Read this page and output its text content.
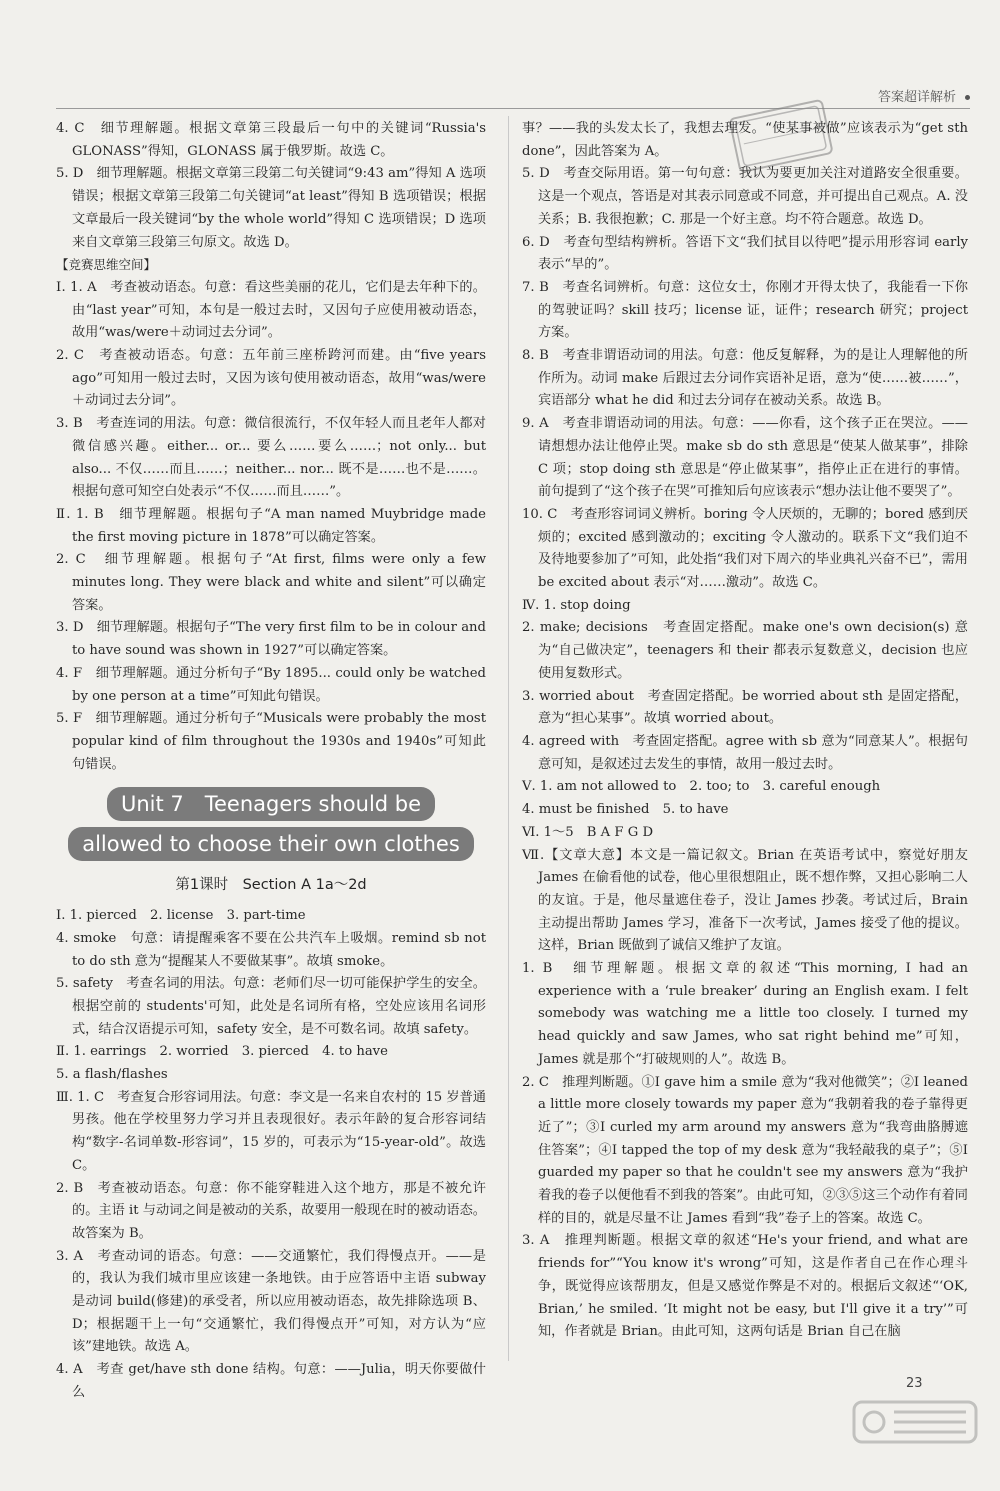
答案超详解析

4. C　细节理解题。根据文章第三段最后一句中的关键词“Russia's GLONASS”得知，GLONASS 属于俄罗斯。故选 C。

5. D　细节理解题。根据文章第三段第二句关键词“9:43 am”得知 A 选项错误；根据文章第三段第二句关键词“at least”得知 B 选项错误；根据文章最后一段关键词“by the whole world”得知 C 选项错误；D 选项来自文章第三段第三句原文。故选 D。

【竞赛思维空间】

Ⅰ. 1. A　考查被动语态。句意：看这些美丽的花儿，它们是去年种下的。由“last year”可知，本句是一般过去时，又因句子应使用被动语态，故用“was/were＋动词过去分词”。

2. C　考查被动语态。句意：五年前三座桥跨河而建。由“five years ago”可知用一般过去时，又因为该句使用被动语态，故用“was/were＋动词过去分词”。

3. B　考查连词的用法。句意：微信很流行，不仅年轻人而且老年人都对微信感兴趣。either... or... 要么……要么……；not only... but also... 不仅……而且……；neither... nor... 既不是……也不是……。根据句意可知空白处表示“不仅……而且……”。

Ⅱ. 1. B　细节理解题。根据句子“A man named Muybridge made the first moving picture in 1878”可以确定答案。

2. C　细节理解题。根据句子“At first, films were only a few minutes long. They were black and white and silent”可以确定答案。

3. D　细节理解题。根据句子“The very first film to be in colour and to have sound was shown in 1927”可以确定答案。

4. F　细节理解题。通过分析句子“By 1895... could only be watched by one person at a time”可知此句错误。

5. F　细节理解题。通过分析句子“Musicals were probably the most popular kind of film throughout the 1930s and 1940s”可知此句错误。

Unit 7　Teenagers should be
allowed to choose their own clothes
第1课时　Section A 1a～2d

Ⅰ. 1. pierced　2. license　3. part-time

4. smoke　句意：请提醒乘客不要在公共汽车上吸烟。remind sb not to do sth 意为“提醒某人不要做某事”。故填 smoke。

5. safety　考查名词的用法。句意：老师们尽一切可能保护学生的安全。根据空前的 students'可知，此处是名词所有格，空处应该用名词形式，结合汉语提示可知，safety 安全，是不可数名词。故填 safety。

Ⅱ. 1. earrings　2. worried　3. pierced　4. to have

5. a flash/flashes

Ⅲ. 1. C　考查复合形容词用法。句意：李文是一名来自农村的 15 岁普通男孩。他在学校里努力学习并且表现很好。表示年龄的复合形容词结构“数字-名词单数-形容词”，15 岁的，可表示为“15-year-old”。故选 C。

2. B　考查被动语态。句意：你不能穿鞋进入这个地方，那是不被允许的。主语 it 与动词之间是被动的关系，故要用一般现在时的被动语态。故答案为 B。

3. A　考查动词的语态。句意：——交通繁忙，我们得慢点开。——是的，我认为我们城市里应该建一条地铁。由于应答语中主语 subway 是动词 build(修建)的承受者，所以应用被动语态，故先排除选项 B、D；根据题干上一句“交通繁忙，我们得慢点开”可知，对方认为“应该”建地铁。故选 A。

4. A　考查 get/have sth done 结构。句意：——Julia，明天你要做什么

事？——我的头发太长了，我想去理发。“使某事被做”应该表示为“get sth done”，因此答案为 A。

5. D　考查交际用语。第一句句意：我认为要更加关注对道路安全很重要。这是一个观点，答语是对其表示同意或不同意，并可提出自己观点。A. 没关系；B. 我很抱歉；C. 那是一个好主意。均不符合题意。故选 D。

6. D　考查句型结构辨析。答语下文“我们拭目以待吧”提示用形容词 early 表示“早的”。

7. B　考查名词辨析。句意：这位女士，你刚才开得太快了，我能看一下你的驾驶证吗？skill 技巧；license 证，证件；research 研究；project 方案。

8. B　考查非谓语动词的用法。句意：他反复解释，为的是让人理解他的所作所为。动词 make 后跟过去分词作宾语补足语，意为“使……被……”，宾语部分 what he did 和过去分词存在被动关系。故选 B。

9. A　考查非谓语动词的用法。句意：——你看，这个孩子正在哭泣。——请想想办法让他停止哭。make sb do sth 意思是“使某人做某事”，排除 C 项；stop doing sth 意思是“停止做某事”，指停止正在进行的事情。前句提到了“这个孩子在哭”可推知后句应该表示“想办法让他不要哭了”。

10. C　考查形容词词义辨析。boring 令人厌烦的，无聊的；bored 感到厌烦的；excited 感到激动的；exciting 令人激动的。联系下文“我们迫不及待地要参加了”可知，此处指“我们对下周六的毕业典礼兴奋不已”，需用 be excited about 表示“对……激动”。故选 C。

Ⅳ. 1. stop doing

2. make; decisions　考查固定搭配。make one's own decision(s) 意为“自己做决定”，teenagers 和 their 都表示复数意义，decision 也应使用复数形式。

3. worried about　考查固定搭配。be worried about sth 是固定搭配，意为“担心某事”。故填 worried about。

4. agreed with　考查固定搭配。agree with sb 意为“同意某人”。根据句意可知，是叙述过去发生的事情，故用一般过去时。

Ⅴ. 1. am not allowed to　2. too; to　3. careful enough

4. must be finished　5. to have

Ⅵ. 1～5　B A F G D

Ⅶ.【文章大意】本文是一篇记叙文。Brian 在英语考试中，察觉好朋友 James 在偷看他的试卷，他心里很想阻止，既不想作弊，又担心影响二人的友谊。于是，他尽量遮住卷子，没让 James 抄袭。考试过后，Brain 主动提出帮助 James 学习，准备下一次考试，James 接受了他的提议。这样，Brian 既做到了诚信又维护了友谊。

1. B　细节理解题。根据文章的叙述“This morning, I had an experience with a ‘rule breaker’ during an English exam. I felt somebody was watching me a little too closely. I turned my head quickly and saw James, who sat right behind me”可知，James 就是那个“打破规则的人”。故选 B。

2. C　推理判断题。①I gave him a smile 意为“我对他微笑”；②I leaned a little more closely towards my paper 意为“我朝着我的卷子靠得更近了”；③I curled my arm around my answers 意为“我弯曲胳膊遮住答案”；④I tapped the top of my desk 意为“我轻敲我的桌子”；⑤I guarded my paper so that he couldn't see my answers 意为“我护着我的卷子以便他看不到我的答案”。由此可知，②③⑤这三个动作有着同样的目的，就是尽量不让 James 看到“我”卷子上的答案。故选 C。

3. A　推理判断题。根据文章的叙述“He's your friend, and what are friends for”“You know it's wrong”可知，这是作者自己在作心理斗争，既觉得应该帮朋友，但是又感觉作弊是不对的。根据后文叙述“‘OK, Brian,’ he smiled. ‘It might not be easy, but I'll give it a try’”可知，作者就是 Brian。由此可知，这两句话是 Brian 自己在脑

23
